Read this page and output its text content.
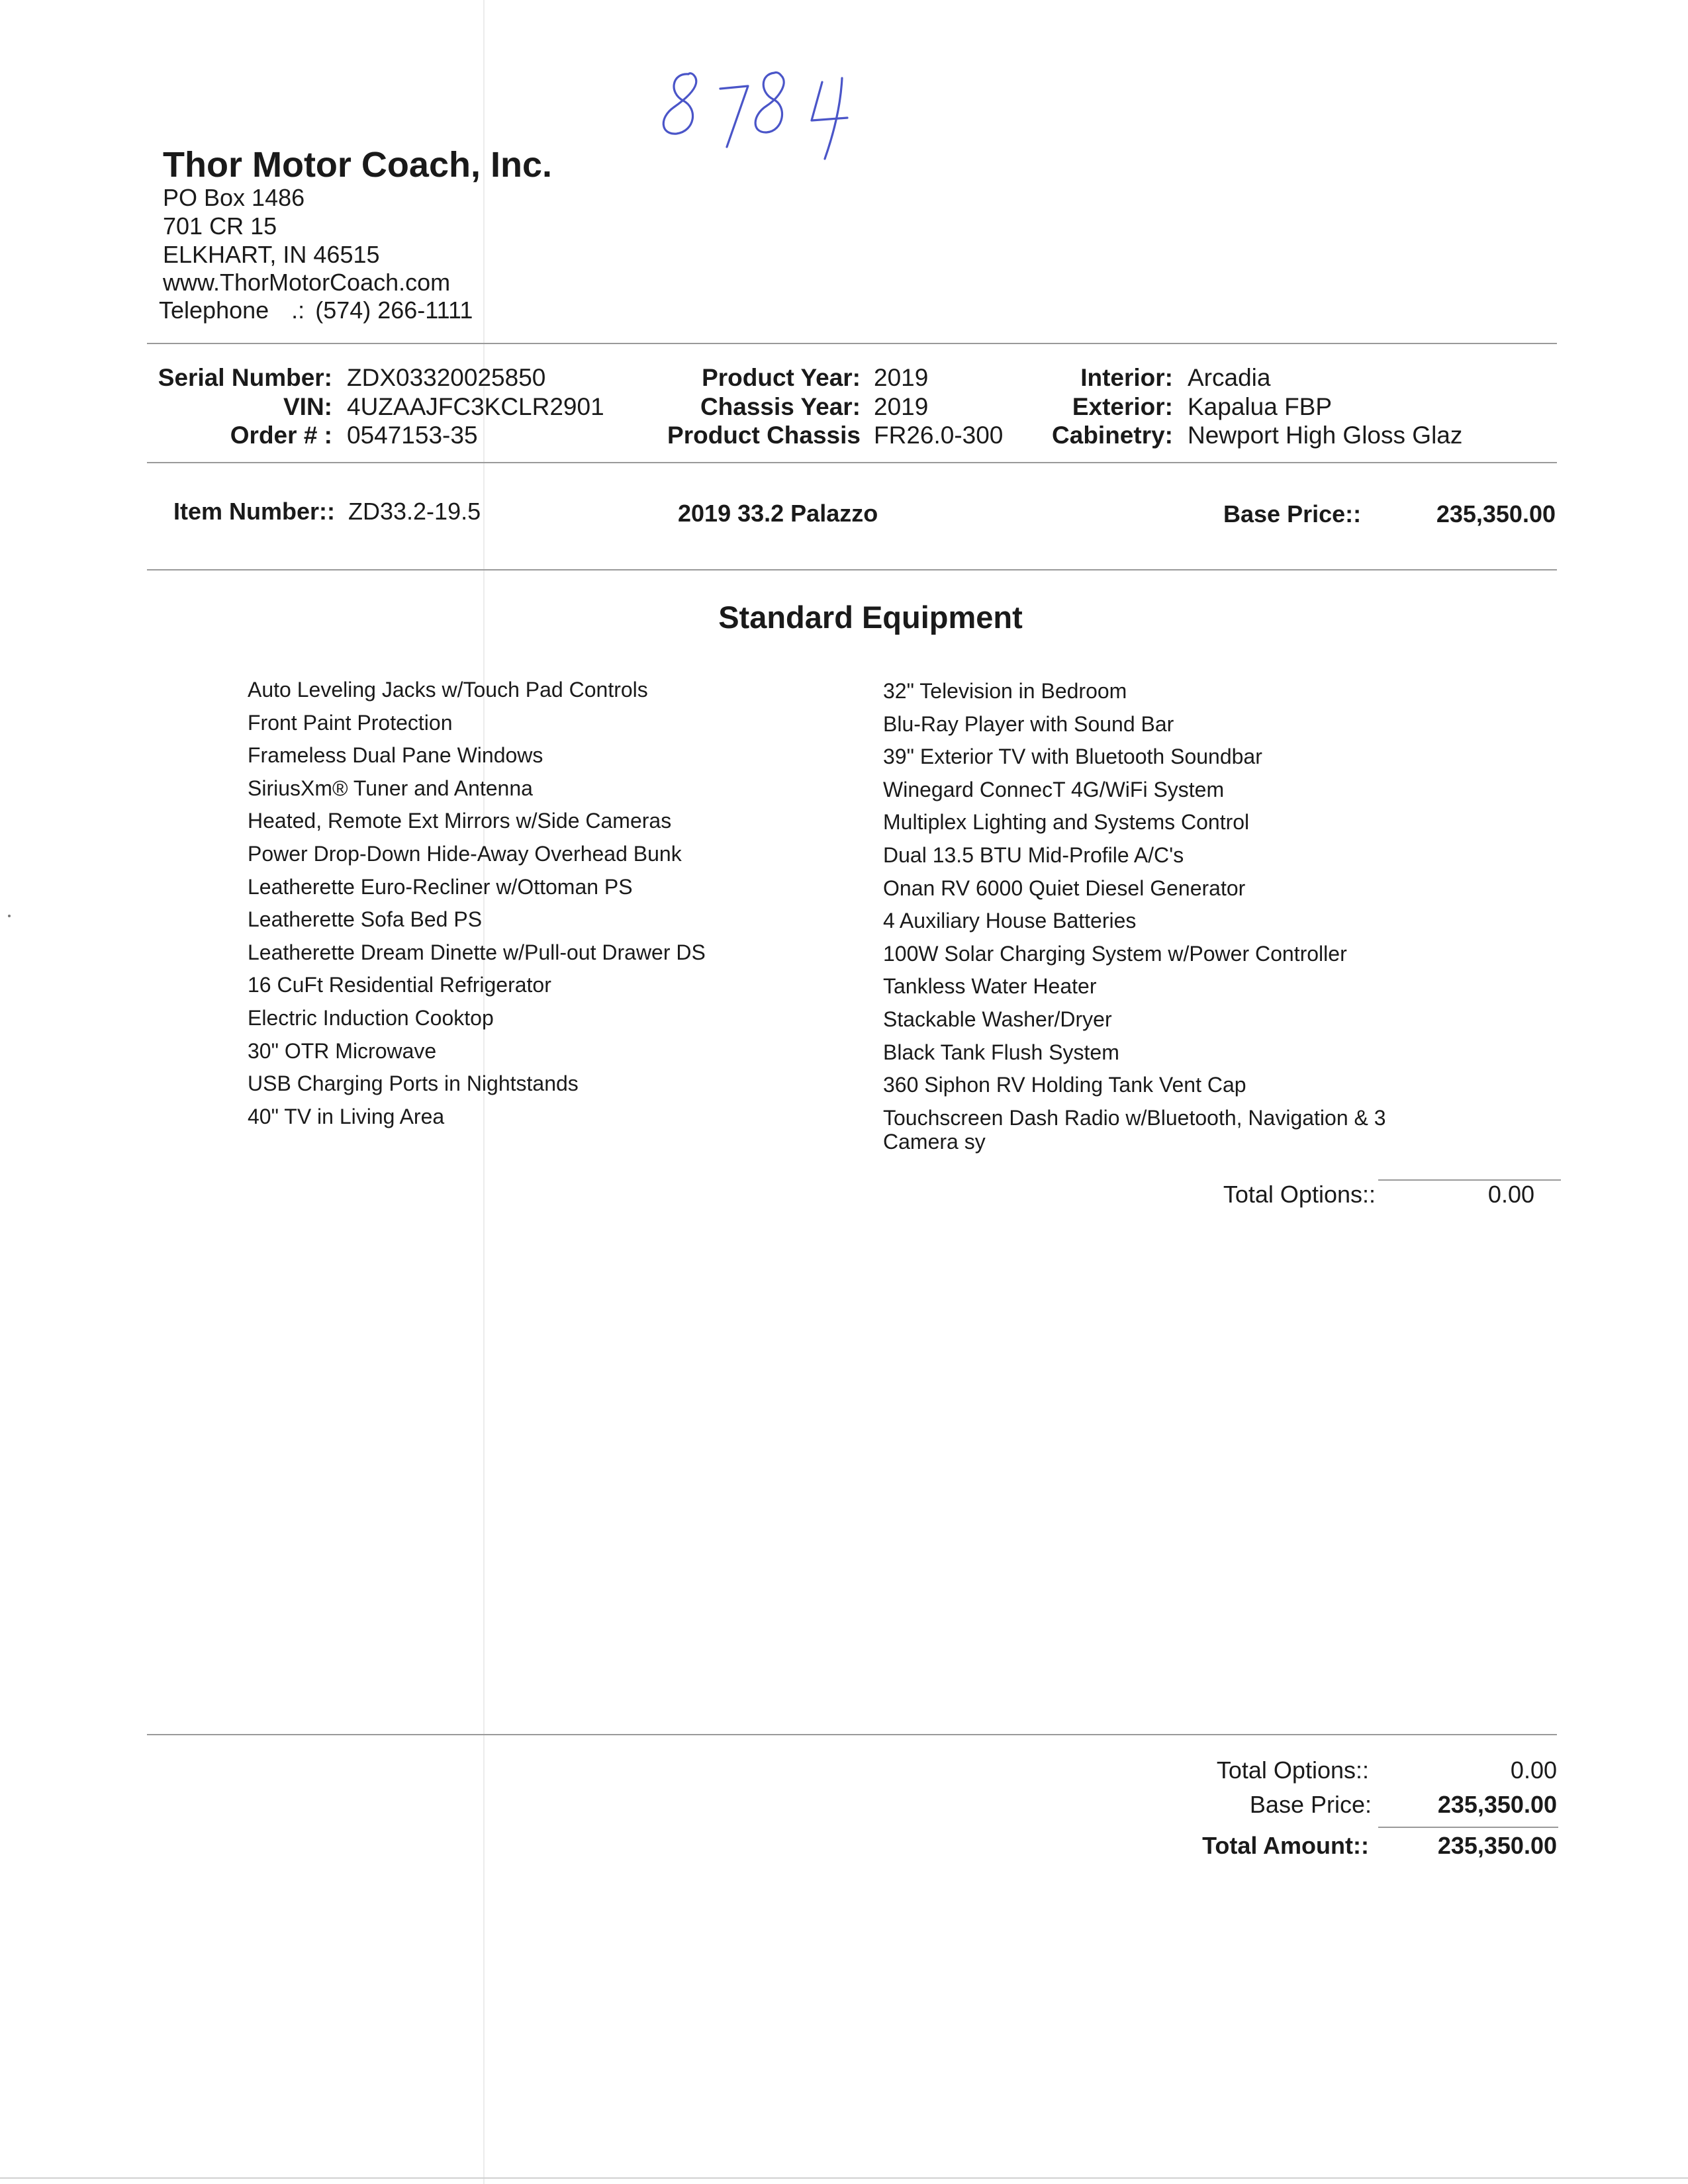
Thor Motor Coach, Inc.
PO Box 1486
701 CR 15
ELKHART, IN 46515
www.ThorMotorCoach.com
Telephone .: (574) 266-1111
Serial Number: ZDX03320025850
VIN: 4UZAAJFC3KCLR2901
Order # : 0547153-35
Product Year: 2019
Chassis Year: 2019
Product Chassis FR26.0-300
Interior: Arcadia
Exterior: Kapalua FBP
Cabinetry: Newport High Gloss Glaz
Item Number:: ZD33.2-19.5	2019 33.2 Palazzo	Base Price::	235,350.00
Standard Equipment
Auto Leveling Jacks w/Touch Pad Controls
Front Paint Protection
Frameless Dual Pane Windows
SiriusXm® Tuner and Antenna
Heated, Remote Ext Mirrors w/Side Cameras
Power Drop-Down Hide-Away Overhead Bunk
Leatherette Euro-Recliner w/Ottoman PS
Leatherette Sofa Bed PS
Leatherette Dream Dinette w/Pull-out Drawer DS
16 CuFt Residential Refrigerator
Electric Induction Cooktop
30" OTR Microwave
USB Charging Ports in Nightstands
40" TV in Living Area
32" Television in Bedroom
Blu-Ray Player with Sound Bar
39" Exterior TV with Bluetooth Soundbar
Winegard ConnecT 4G/WiFi System
Multiplex Lighting and Systems Control
Dual 13.5 BTU Mid-Profile A/C's
Onan RV 6000 Quiet Diesel Generator
4 Auxiliary House Batteries
100W Solar Charging System w/Power Controller
Tankless Water Heater
Stackable Washer/Dryer
Black Tank Flush System
360 Siphon RV Holding Tank Vent Cap
Touchscreen Dash Radio w/Bluetooth, Navigation & 3 Camera sy
Total Options::	0.00
Total Options::	0.00
Base Price:	235,350.00
Total Amount::	235,350.00
